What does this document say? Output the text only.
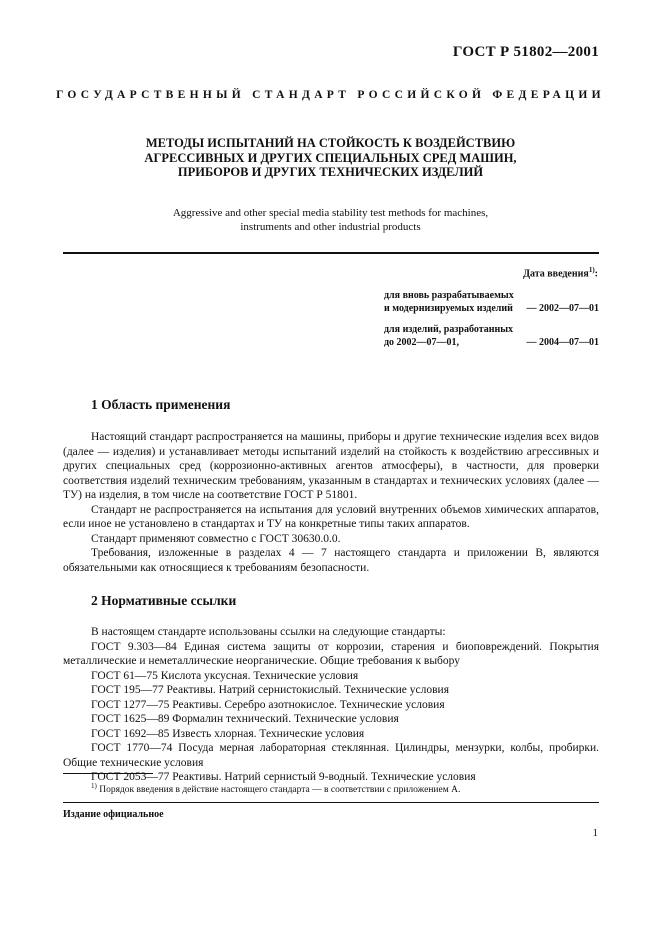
ГОСТ Р 51802—2001
ГОСУДАРСТВЕННЫЙ СТАНДАРТ РОССИЙСКОЙ ФЕДЕРАЦИИ
МЕТОДЫ ИСПЫТАНИЙ НА СТОЙКОСТЬ К ВОЗДЕЙСТВИЮ
АГРЕССИВНЫХ И ДРУГИХ СПЕЦИАЛЬНЫХ СРЕД МАШИН,
ПРИБОРОВ И ДРУГИХ ТЕХНИЧЕСКИХ ИЗДЕЛИЙ
Aggressive and other special media stability test methods for machines,
instruments and other industrial products
Дата введения$^{1)}$:
для вновь разрабатываемых
и модернизируемых изделий — 2002—07—01
для изделий, разработанных
до 2002—07—01,	— 2004—07—01
1 Область применения

Настоящий стандарт распространяется на машины, приборы и другие технические изделия всех видов (далее — изделия) и устанавливает методы испытаний изделий на стойкость к воздействию агрессивных и других специальных сред (коррозионно-активных агентов атмосферы), в частности, для проверки соответствия изделий техническим требованиям, указанным в стандартах и технических условиях (далее — ТУ) на изделия, в том числе на соответствие ГОСТ Р 51801.

Стандарт не распространяется на испытания для условий внутренних объемов химических аппаратов, если иное не установлено в стандартах и ТУ на конкретные типы таких аппаратов.

Стандарт применяют совместно с ГОСТ 30630.0.0.

Требования, изложенные в разделах 4 — 7 настоящего стандарта и приложении В, являются обязательными как относящиеся к требованиям безопасности.

2 Нормативные ссылки

В настоящем стандарте использованы ссылки на следующие стандарты:

ГОСТ 9.303—84 Единая система защиты от коррозии, старения и биоповреждений. Покрытия металлические и неметаллические неорганические. Общие требования к выбору

ГОСТ 61—75 Кислота уксусная. Технические условия

ГОСТ 195—77 Реактивы. Натрий сернистокислый. Технические условия

ГОСТ 1277—75 Реактивы. Серебро азотнокислое. Технические условия

ГОСТ 1625—89 Формалин технический. Технические условия

ГОСТ 1692—85 Известь хлорная. Технические условия

ГОСТ 1770—74 Посуда мерная лабораторная стеклянная. Цилиндры, мензурки, колбы, пробирки. Общие технические условия

ГОСТ 2053—77 Реактивы. Натрий сернистый 9-водный. Технические условия

$^{1)}$ Порядок введения в действие настоящего стандарта — в соответствии с приложением А.
Издание официальное
1
